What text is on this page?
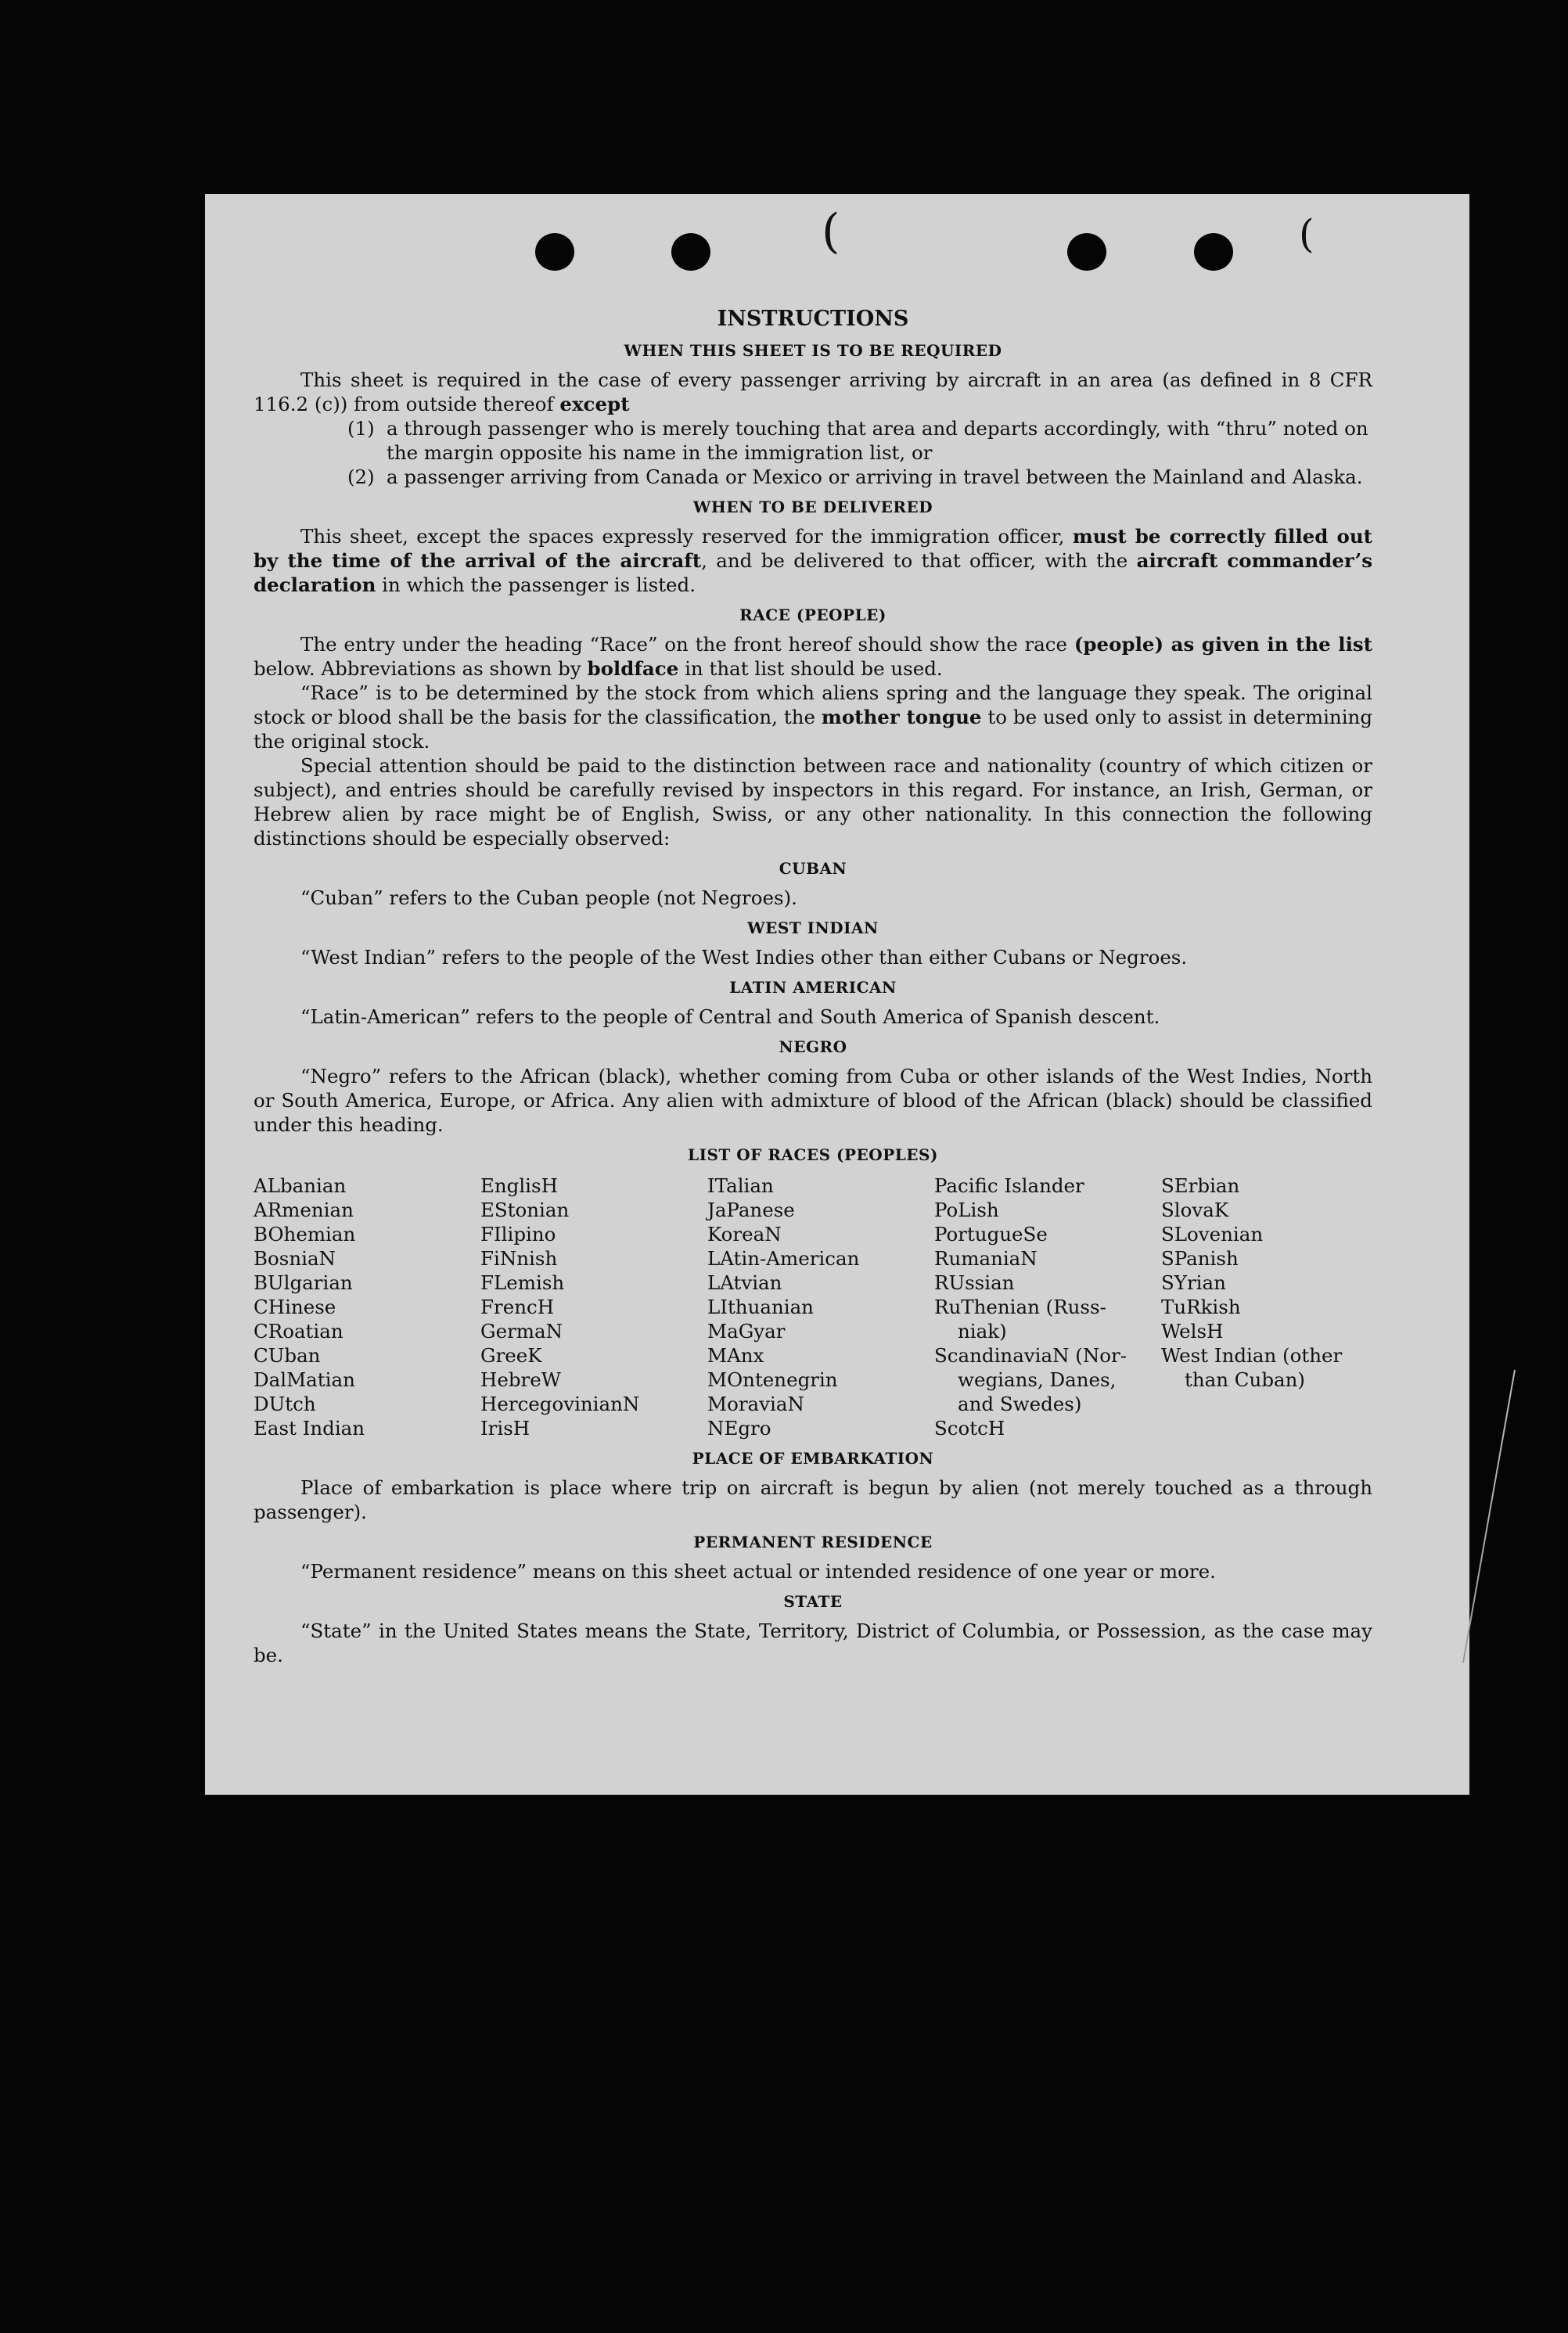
(	(
INSTRUCTIONS
WHEN THIS SHEET IS TO BE REQUIRED

This sheet is required in the case of every passenger arriving by aircraft in an area (as defined in 8 CFR 116.2 (c)) from outside thereof except

(1) a through passenger who is merely touching that area and departs accordingly, with “thru” noted on the margin opposite his name in the immigration list, or
(2) a passenger arriving from Canada or Mexico or arriving in travel between the Mainland and Alaska.
WHEN TO BE DELIVERED

This sheet, except the spaces expressly reserved for the immigration officer, must be correctly filled out by the time of the arrival of the aircraft, and be delivered to that officer, with the aircraft commander’s declaration in which the passenger is listed.

RACE (PEOPLE)

The entry under the heading “Race” on the front hereof should show the race (people) as given in the list below. Abbreviations as shown by boldface in that list should be used.

“Race” is to be determined by the stock from which aliens spring and the language they speak. The original stock or blood shall be the basis for the classification, the mother tongue to be used only to assist in determining the original stock.

Special attention should be paid to the distinction between race and nationality (country of which citizen or subject), and entries should be carefully revised by inspectors in this regard. For instance, an Irish, German, or Hebrew alien by race might be of English, Swiss, or any other nationality. In this connection the following distinctions should be especially observed:

CUBAN

“Cuban” refers to the Cuban people (not Negroes).

WEST INDIAN

“West Indian” refers to the people of the West Indies other than either Cubans or Negroes.

LATIN AMERICAN

“Latin-American” refers to the people of Central and South America of Spanish descent.

NEGRO

“Negro” refers to the African (black), whether coming from Cuba or other islands of the West Indies, North or South America, Europe, or Africa. Any alien with admixture of blood of the African (black) should be classified under this heading.

LIST OF RACES (PEOPLES)
ALbanian
ARmenian
BOhemian
BosniaN
BUlgarian
CHinese
CRoatian
CUban
DalMatian
DUtch
East Indian
EnglisH
EStonian
FIlipino
FiNnish
FLemish
FrencH
GermaN
GreeK
HebreW
HercegovinianN
IrisH
ITalian
JaPanese
KoreaN
LAtin-American
LAtvian
LIthuanian
MaGyar
MAnx
MOntenegrin
MoraviaN
NEgro
Pacific Islander
PoLish
PortugueSe
RumaniaN
RUssian
RuThenian (Russ-
niak)
ScandinaviaN (Nor-
wegians, Danes,
and Swedes)
ScotcH
SErbian
SlovaK
SLovenian
SPanish
SYrian
TuRkish
WelsH
West Indian (other
than Cuban)
PLACE OF EMBARKATION

Place of embarkation is place where trip on aircraft is begun by alien (not merely touched as a through passenger).

PERMANENT RESIDENCE

“Permanent residence” means on this sheet actual or intended residence of one year or more.

STATE

“State” in the United States means the State, Territory, District of Columbia, or Possession, as the case may be.
